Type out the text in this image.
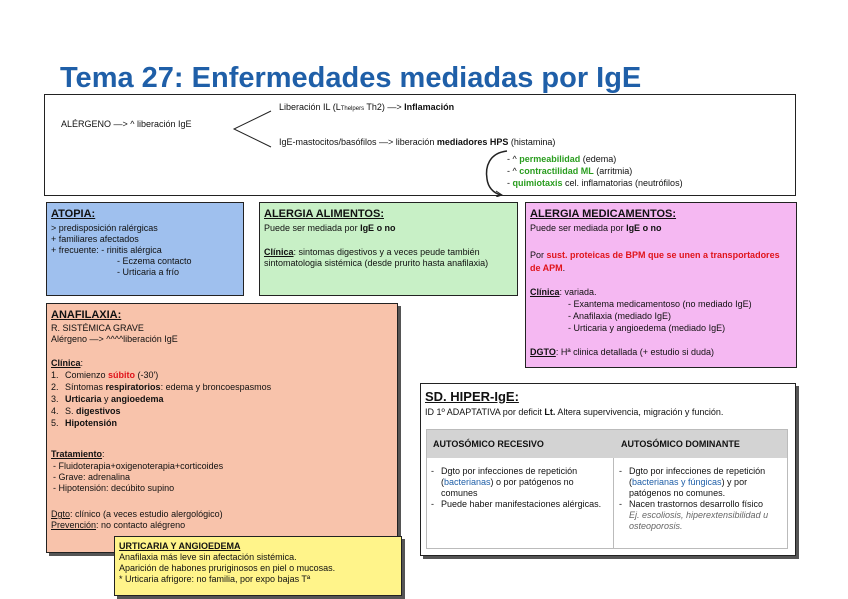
Tema 27: Enfermedades mediadas por IgE
ALÉRGENO —> ^ liberación IgE
Liberación IL (LThelpers Th2) —> Inflamación
IgE-mastocitos/basófilos —> liberación mediadores HPS (histamina)
- ^ permeabilidad (edema)
- ^ contractilidad ML (arritmia)
- quimiotaxis cel. inflamatorias (neutrófilos)
ATOPIA:
> predisposición ralérgicas
+ familiares afectados
+ frecuente: - rinitis alérgica
- Eczema contacto
- Urticaria a frío
ALERGIA ALIMENTOS:
Puede ser mediada por IgE o no
Clínica: sintomas digestivos y a veces peude también sintomatologia sistémica (desde prurito hasta anafilaxia)
ALERGIA MEDICAMENTOS:
Puede ser mediada por IgE o no
Por sust. proteicas de BPM que se unen a transportadores de APM.
Clínica: variada.
- Exantema medicamentoso (no mediado IgE)
- Anafilaxia (mediado IgE)
- Urticaria y angioedema (mediado IgE)
DGTO: Hª clinica detallada (+ estudio si duda)
ANAFILAXIA:
R. SISTÉMICA GRAVE
Alérgeno —> ^^^^liberación IgE
Clínica:
1. Comienzo súbito (-30')
2. Síntomas respiratorios: edema y broncoespasmos
3. Urticaria y angioedema
4. S. digestivos
5. Hipotensión
Tratamiento:
- Fluidoterapia+oxigenoterapia+corticoides
- Grave: adrenalina
- Hipotensión: decúbito supino
Dgto: clínico (a veces estudio alergológico)
Prevención: no contacto alégreno
URTICARIA Y ANGIOEDEMA
Anafilaxia más leve sin afectación sistémica.
Aparición de habones pruriginosos en piel o mucosas.
* Urticaria afrigore: no familia, por expo bajas Tª
SD. HIPER-IgE:
ID 1º ADAPTATIVA por deficit Lt. Altera supervivencia, migración y función.
AUTOSÓMICO RECESIVO	AUTOSÓMICO DOMINANTE
- Dgto por infecciones de repetición (bacterianas) o por patógenos no comunes
- Puede haber manifestaciones alérgicas.
- Dgto por infecciones de repetición (bacterianas y fúngicas) y por patógenos no comunes.
- Nacen trastornos desarrollo físico
Ej. escoliosis, hiperextensibilidad u osteoporosis.
